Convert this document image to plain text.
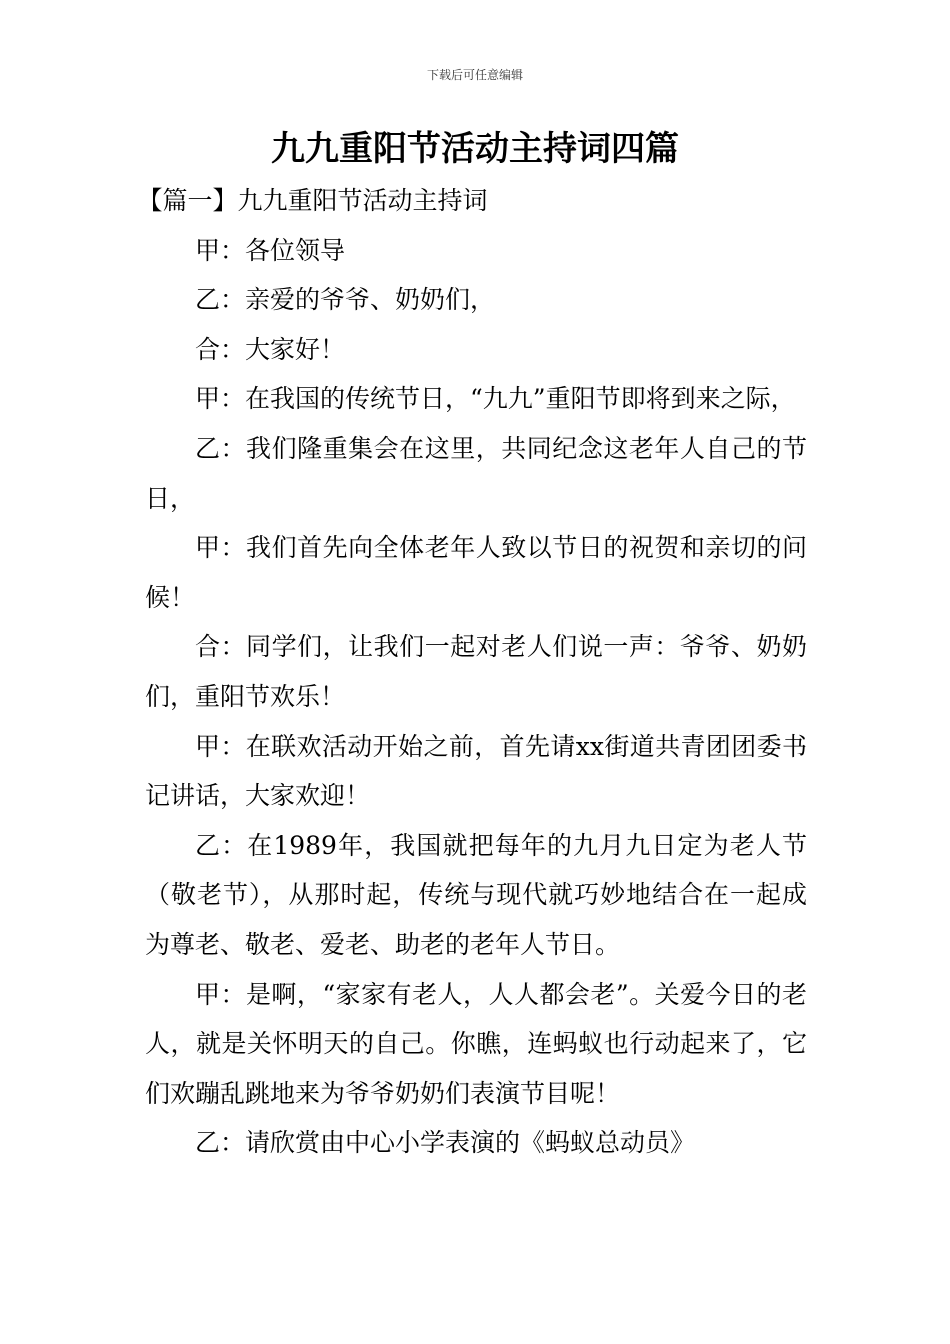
下载后可任意编辑
九九重阳节活动主持词四篇

【篇一】九九重阳节活动主持词

甲：各位领导

乙：亲爱的爷爷、奶奶们，

合：大家好！

甲：在我国的传统节日，“九九”重阳节即将到来之际，

乙：我们隆重集会在这里，共同纪念这老年人自己的节日，

甲：我们首先向全体老年人致以节日的祝贺和亲切的问候！

合：同学们，让我们一起对老人们说一声：爷爷、奶奶们，重阳节欢乐！

甲：在联欢活动开始之前，首先请xx街道共青团团委书记讲话，大家欢迎！

乙：在1989年，我国就把每年的九月九日定为老人节（敬老节），从那时起，传统与现代就巧妙地结合在一起成为尊老、敬老、爱老、助老的老年人节日。

甲：是啊，“家家有老人，人人都会老”。关爱今日的老人，就是关怀明天的自己。你瞧，连蚂蚁也行动起来了，它们欢蹦乱跳地来为爷爷奶奶们表演节目呢！

乙：请欣赏由中心小学表演的《蚂蚁总动员》
